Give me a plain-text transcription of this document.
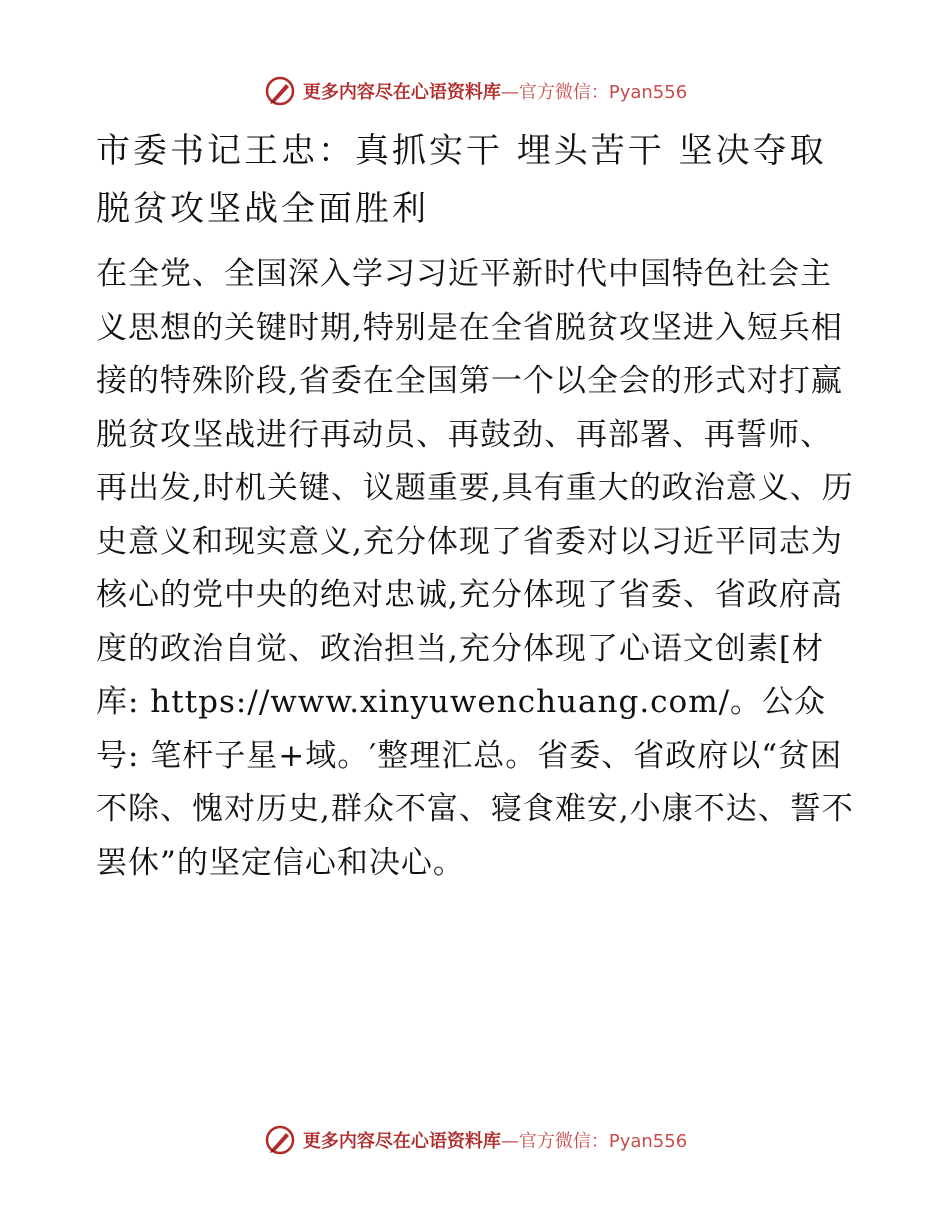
更多内容尽在心语资料库 —官方微信：Pyan556
市委书记王忠：真抓实干 埋头苦干 坚决夺取脱贫攻坚战全面胜利

在全党、全国深入学习习近平新时代中国特色社会主义思想的关键时期,特别是在全省脱贫攻坚进入短兵相接的特殊阶段,省委在全国第一个以全会的形式对打赢脱贫攻坚战进行再动员、再鼓劲、再部署、再誓师、再出发,时机关键、议题重要,具有重大的政治意义、历史意义和现实意义,充分体现了省委对以习近平同志为核心的党中央的绝对忠诚,充分体现了省委、省政府高度的政治自觉、政治担当,充分体现了心语文创素[材库: https://www.xinyuwenchuang.com/。公众号: 笔杆子星+域。′整理汇总。省委、省政府以“贫困不除、愧对历史,群众不富、寝食难安,小康不达、誓不罢休”的坚定信心和决心。

更多内容尽在心语资料库 —官方微信：Pyan556
